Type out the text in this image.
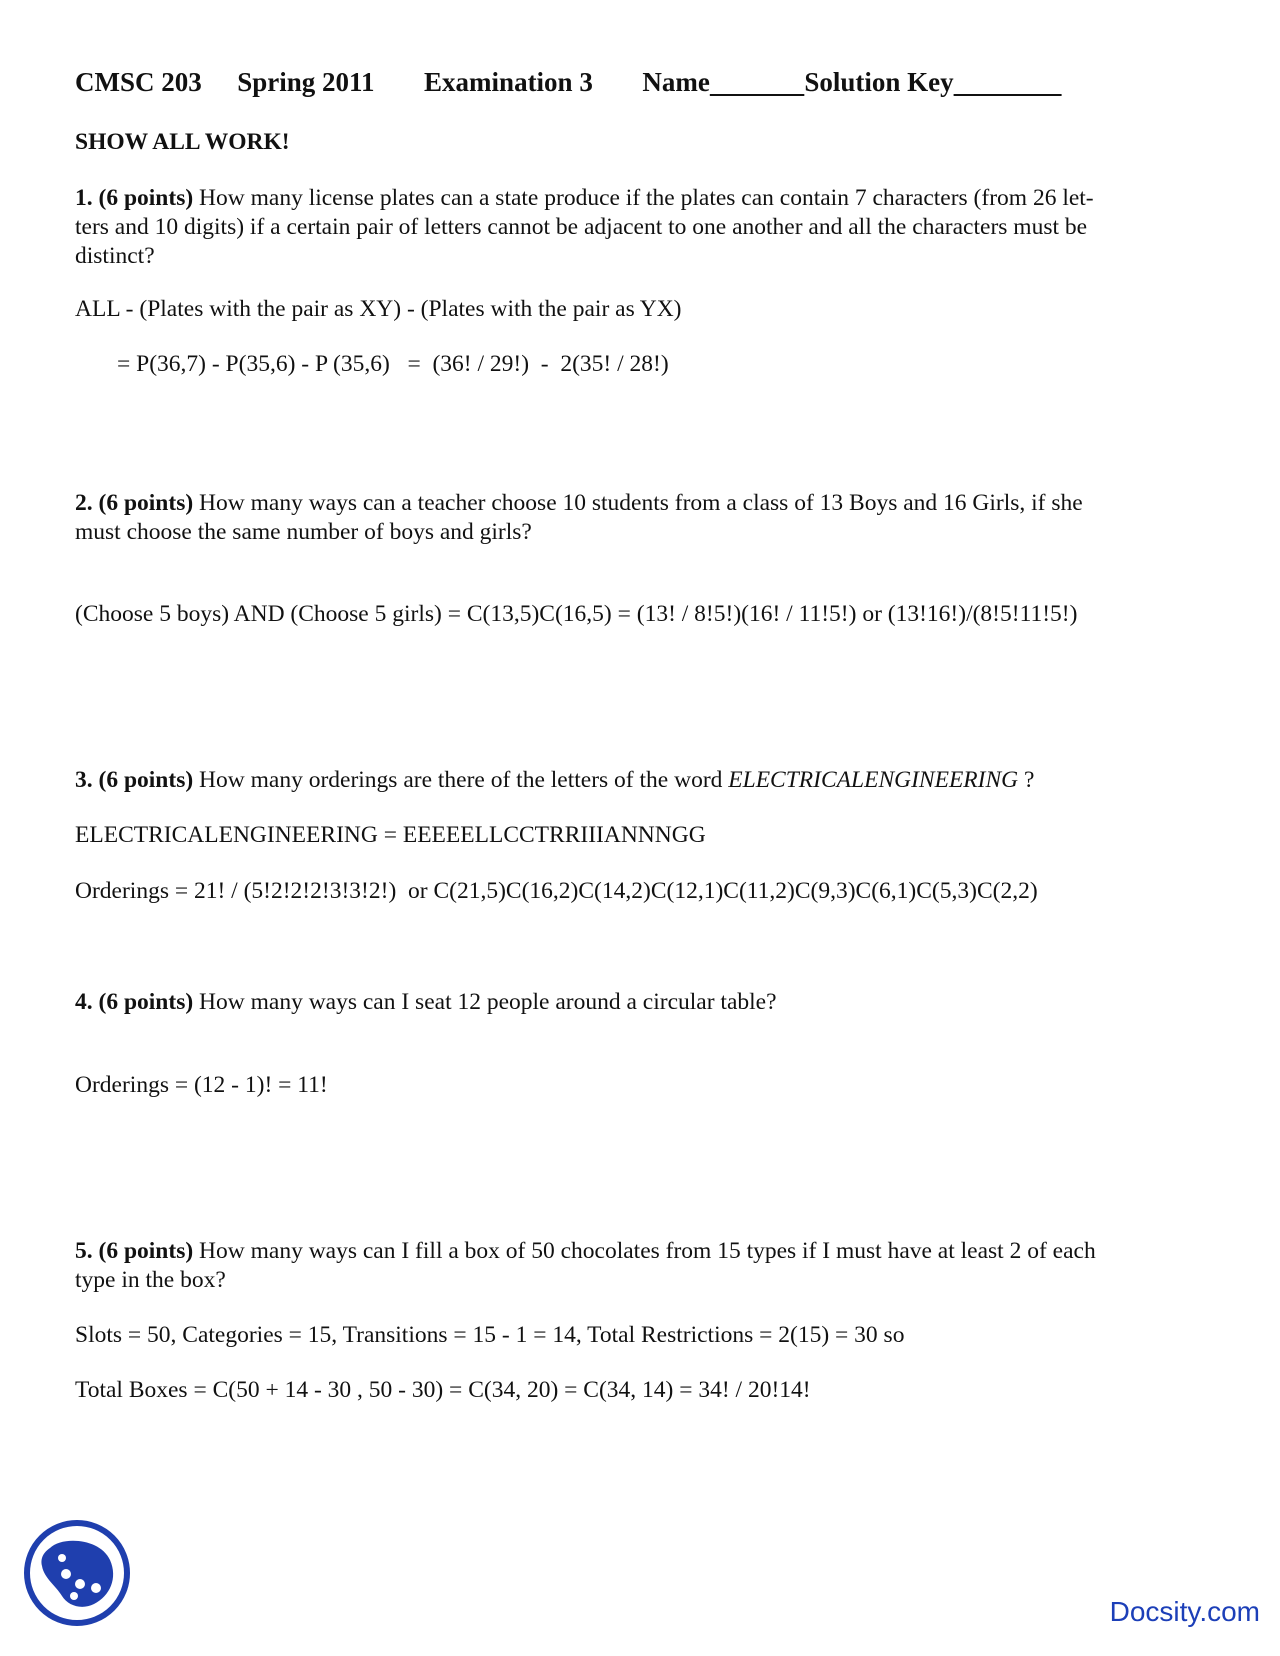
CMSC 203 Spring 2011 Examination 3 Name	Solution Key
SHOW ALL WORK!
1. (6 points) How many license plates can a state produce if the plates can contain 7 characters (from 26 let-
ters and 10 digits) if a certain pair of letters cannot be adjacent to one another and all the characters must be
distinct?
ALL - (Plates with the pair as XY) - (Plates with the pair as YX)
= P(36,7) - P(35,6) - P (35,6)   =  (36! / 29!)  -  2(35! / 28!)
2. (6 points) How many ways can a teacher choose 10 students from a class of 13 Boys and 16 Girls, if she
must choose the same number of boys and girls?
(Choose 5 boys) AND (Choose 5 girls) = C(13,5)C(16,5) = (13! / 8!5!)(16! / 11!5!) or (13!16!)/(8!5!11!5!)
3. (6 points) How many orderings are there of the letters of the word ELECTRICALENGINEERING ?
ELECTRICALENGINEERING = EEEEELLCCTRRIIIANNNGG
Orderings = 21! / (5!2!2!2!3!3!2!)  or C(21,5)C(16,2)C(14,2)C(12,1)C(11,2)C(9,3)C(6,1)C(5,3)C(2,2)
4. (6 points) How many ways can I seat 12 people around a circular table?
Orderings = (12 - 1)! = 11!
5. (6 points) How many ways can I fill a box of 50 chocolates from 15 types if I must have at least 2 of each
type in the box?
Slots = 50, Categories = 15, Transitions = 15 - 1 = 14, Total Restrictions = 2(15) = 30 so
Total Boxes = C(50 + 14 - 30 , 50 - 30) = C(34, 20) = C(34, 14) = 34! / 20!14!
Docsity.com
